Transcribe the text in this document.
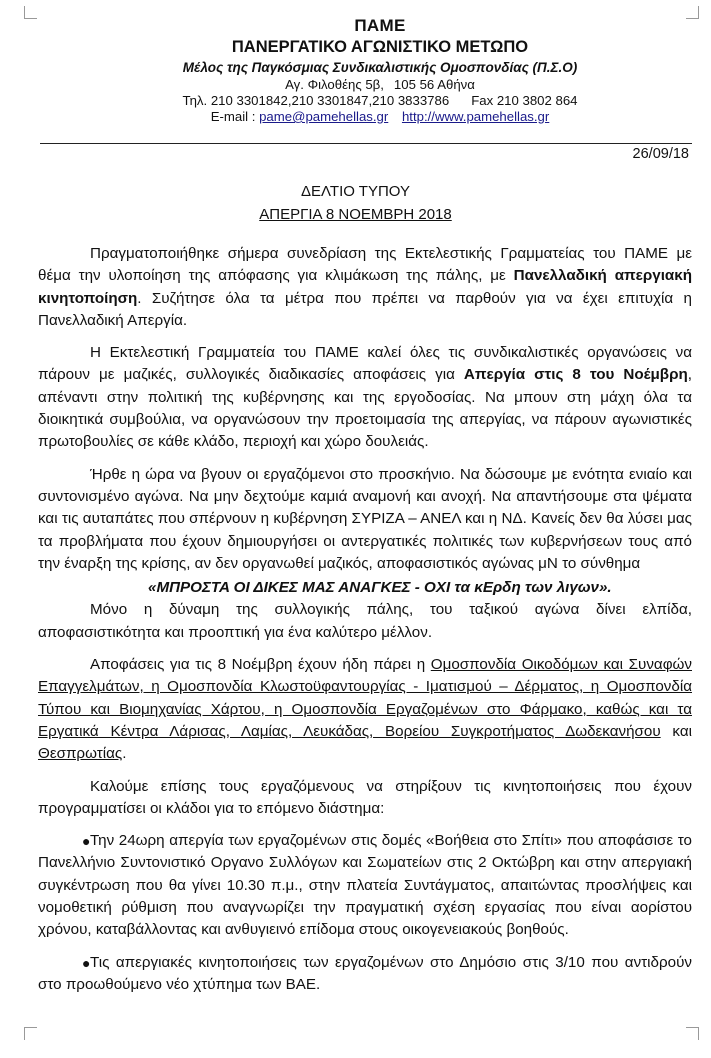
ΠΑΜΕ
ΠΑΝΕΡΓΑΤΙΚΟ ΑΓΩΝΙΣΤΙΚΟ ΜΕΤΩΠΟ
Μέλος της Παγκόσμιας Συνδικαλιστικής Ομοσπονδίας (Π.Σ.Ο)
Αγ. Φιλοθέης 5β, 105 56 Αθήνα
Τηλ. 210 3301842,210 3301847,210 3833786 Fax 210 3802 864
E-mail : pame@pamehellas.gr http://www.pamehellas.gr
26/09/18
ΔΕΛΤΙΟ ΤΥΠΟΥ
ΑΠΕΡΓΙΑ 8 ΝΟΕΜΒΡΗ 2018

Πραγματοποιήθηκε σήμερα συνεδρίαση της Εκτελεστικής Γραμματείας του ΠΑΜΕ με θέμα την υλοποίηση της απόφασης για κλιμάκωση της πάλης, με Πανελλαδική απεργιακή κινητοποίηση. Συζήτησε όλα τα μέτρα που πρέπει να παρθούν για να έχει επιτυχία η Πανελλαδική Απεργία.

Η Εκτελεστική Γραμματεία του ΠΑΜΕ καλεί όλες τις συνδικαλιστικές οργανώσεις να πάρουν με μαζικές, συλλογικές διαδικασίες αποφάσεις για Απεργία στις 8 του Νοέμβρη, απέναντι στην πολιτική της κυβέρνησης και της εργοδοσίας. Να μπουν στη μάχη όλα τα διοικητικά συμβούλια, να οργανώσουν την προετοιμασία της απεργίας, να πάρουν αγωνιστικές πρωτοβουλίες σε κάθε κλάδο, περιοχή και χώρο δουλειάς.

Ήρθε η ώρα να βγουν οι εργαζόμενοι στο προσκήνιο. Να δώσουμε με ενότητα ενιαίο και συντονισμένο αγώνα. Να μην δεχτούμε καμιά αναμονή και ανοχή. Να απαντήσουμε στα ψέματα και τις αυταπάτες που σπέρνουν η κυβέρνηση ΣΥΡΙΖΑ – ΑΝΕΛ και η ΝΔ. Κανείς δεν θα λύσει μας τα προβλήματα που έχουν δημιουργήσει οι αντεργατικές πολιτικές των κυβερνήσεων τους από την έναρξη της κρίσης, αν δεν οργανωθεί μαζικός, αποφασιστικός αγώνας μΝ το σύνθημα

«ΜΠΡΟΣΤΑ ΟΙ ΔΙΚΕΣ ΜΑΣ ΑΝΑΓΚΕΣ - ΟΧΙ τα κΕρδη των λιγων».

Μόνο η δύναμη της συλλογικής πάλης, του ταξικού αγώνα δίνει ελπίδα, αποφασιστικότητα και προοπτική για ένα καλύτερο μέλλον.

Αποφάσεις για τις 8 Νοέμβρη έχουν ήδη πάρει η Ομοσπονδία Οικοδόμων και Συναφών Επαγγελμάτων, η Ομοσπονδία Κλωστοϋφαντουργίας - Ιματισμού – Δέρματος, η Ομοσπονδία Τύπου και Βιομηχανίας Χάρτου, η Ομοσπονδία Εργαζομένων στο Φάρμακο, καθώς και τα Εργατικά Κέντρα Λάρισας, Λαμίας, Λευκάδας, Βορείου Συγκροτήματος Δωδεκανήσου και Θεσπρωτίας.

Καλούμε επίσης τους εργαζόμενους να στηρίξουν τις κινητοποιήσεις που έχουν προγραμματίσει οι κλάδοι για το επόμενο διάστημα:

● Την 24ωρη απεργία των εργαζομένων στις δομές «Βοήθεια στο Σπίτι» που αποφάσισε το Πανελλήνιο Συντονιστικό Οργανο Συλλόγων και Σωματείων στις 2 Οκτώβρη και στην απεργιακή συγκέντρωση που θα γίνει 10.30 π.μ., στην πλατεία Συντάγματος, απαιτώντας προσλήψεις και νομοθετική ρύθμιση που αναγνωρίζει την πραγματική σχέση εργασίας που είναι αορίστου χρόνου, καταβάλλοντας και ανθυγιεινό επίδομα στους οικογενειακούς βοηθούς.

● Τις απεργιακές κινητοποιήσεις των εργαζομένων στο Δημόσιο στις 3/10 που αντιδρούν στο προωθούμενο νέο χτύπημα των ΒΑΕ.
